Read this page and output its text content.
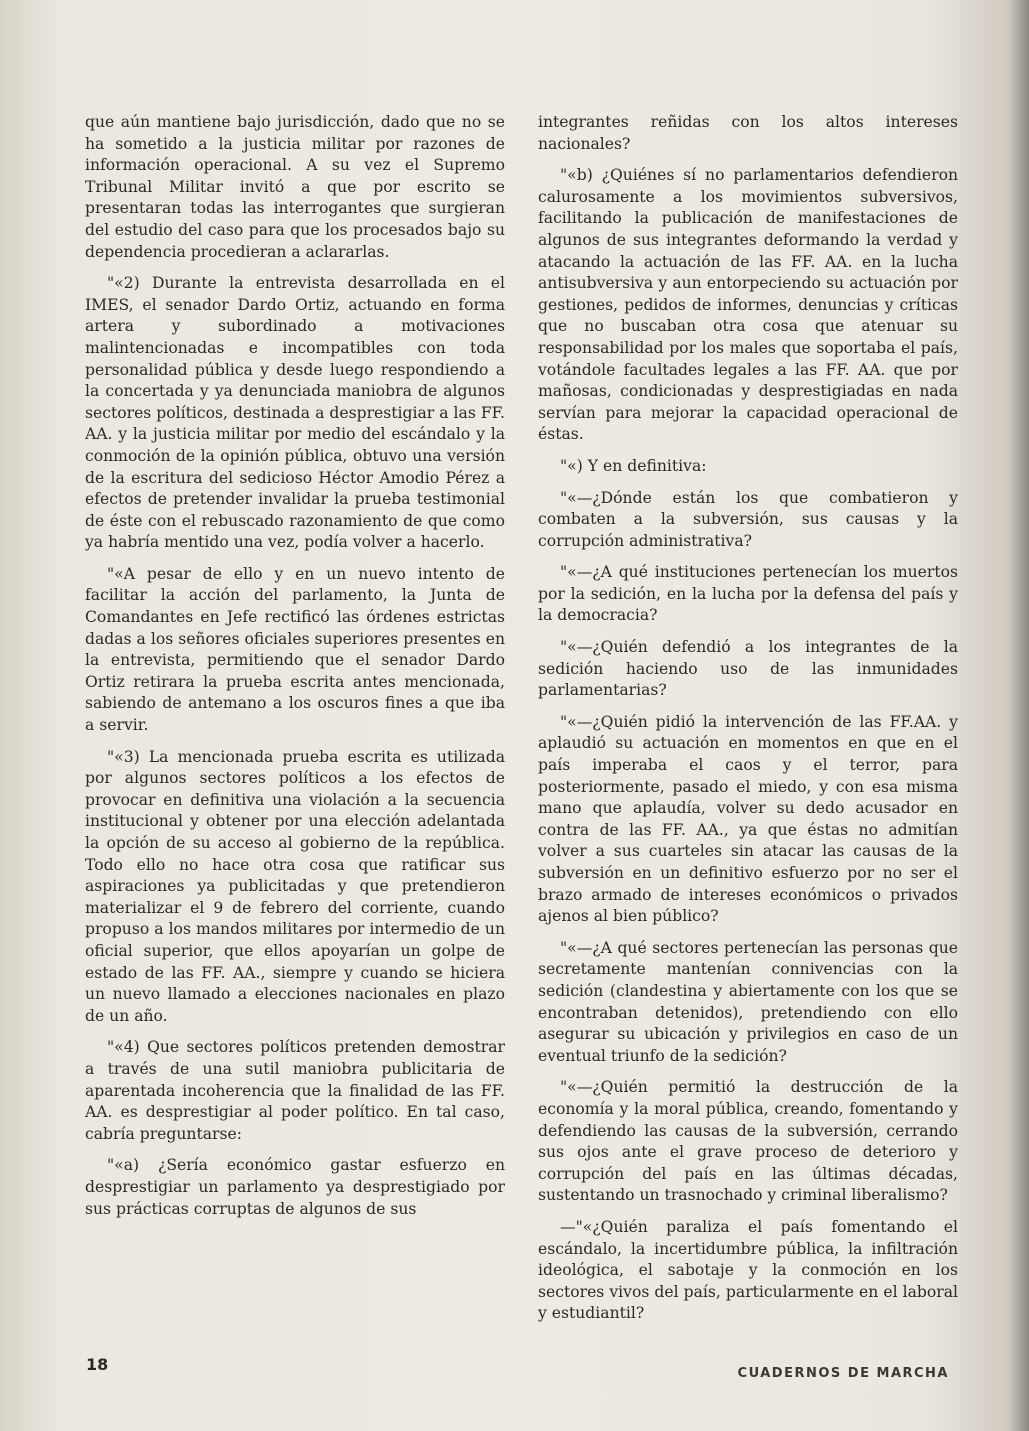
que aún mantiene bajo jurisdicción, dado que no se ha sometido a la justicia militar por razones de información operacional. A su vez el Supremo Tribunal Militar invitó a que por escrito se presentaran todas las interrogantes que surgieran del estudio del caso para que los procesados bajo su dependencia procedieran a aclararlas.

"«2) Durante la entrevista desarrollada en el IMES, el senador Dardo Ortiz, actuando en forma artera y subordinado a motivaciones malintencionadas e incompatibles con toda personalidad pública y desde luego respondiendo a la concertada y ya denunciada maniobra de algunos sectores políticos, destinada a desprestigiar a las FF. AA. y la justicia militar por medio del escándalo y la conmoción de la opinión pública, obtuvo una versión de la escritura del sedicioso Héctor Amodio Pérez a efectos de pretender invalidar la prueba testimonial de éste con el rebuscado razonamiento de que como ya habría mentido una vez, podía volver a hacerlo.

"«A pesar de ello y en un nuevo intento de facilitar la acción del parlamento, la Junta de Comandantes en Jefe rectificó las órdenes estrictas dadas a los señores oficiales superiores presentes en la entrevista, permitiendo que el senador Dardo Ortiz retirara la prueba escrita antes mencionada, sabiendo de antemano a los oscuros fines a que iba a servir.

"«3) La mencionada prueba escrita es utilizada por algunos sectores políticos a los efectos de provocar en definitiva una violación a la secuencia institucional y obtener por una elección adelantada la opción de su acceso al gobierno de la república. Todo ello no hace otra cosa que ratificar sus aspiraciones ya publicitadas y que pretendieron materializar el 9 de febrero del corriente, cuando propuso a los mandos militares por intermedio de un oficial superior, que ellos apoyarían un golpe de estado de las FF. AA., siempre y cuando se hiciera un nuevo llamado a elecciones nacionales en plazo de un año.

"«4) Que sectores políticos pretenden demostrar a través de una sutil maniobra publicitaria de aparentada incoherencia que la finalidad de las FF. AA. es desprestigiar al poder político. En tal caso, cabría preguntarse:

"«a) ¿Sería económico gastar esfuerzo en desprestigiar un parlamento ya desprestigiado por sus prácticas corruptas de algunos de sus

integrantes reñidas con los altos intereses nacionales?

"«b) ¿Quiénes sí no parlamentarios defendieron calurosamente a los movimientos subversivos, facilitando la publicación de manifestaciones de algunos de sus integrantes deformando la verdad y atacando la actuación de las FF. AA. en la lucha antisubversiva y aun entorpeciendo su actuación por gestiones, pedidos de informes, denuncias y críticas que no buscaban otra cosa que atenuar su responsabilidad por los males que soportaba el país, votándole facultades legales a las FF. AA. que por mañosas, condicionadas y desprestigiadas en nada servían para mejorar la capacidad operacional de éstas.

"«) Y en definitiva:

"«—¿Dónde están los que combatieron y combaten a la subversión, sus causas y la corrupción administrativa?

"«—¿A qué instituciones pertenecían los muertos por la sedición, en la lucha por la defensa del país y la democracia?

"«—¿Quién defendió a los integrantes de la sedición haciendo uso de las inmunidades parlamentarias?

"«—¿Quién pidió la intervención de las FF.AA. y aplaudió su actuación en momentos en que en el país imperaba el caos y el terror, para posteriormente, pasado el miedo, y con esa misma mano que aplaudía, volver su dedo acusador en contra de las FF. AA., ya que éstas no admitían volver a sus cuarteles sin atacar las causas de la subversión en un definitivo esfuerzo por no ser el brazo armado de intereses económicos o privados ajenos al bien público?

"«—¿A qué sectores pertenecían las personas que secretamente mantenían connivencias con la sedición (clandestina y abiertamente con los que se encontraban detenidos), pretendiendo con ello asegurar su ubicación y privilegios en caso de un eventual triunfo de la sedición?

"«—¿Quién permitió la destrucción de la economía y la moral pública, creando, fomentando y defendiendo las causas de la subversión, cerrando sus ojos ante el grave proceso de deterioro y corrupción del país en las últimas décadas, sustentando un trasnochado y criminal liberalismo?

—"«¿Quién paraliza el país fomentando el escándalo, la incertidumbre pública, la infiltración ideológica, el sabotaje y la conmoción en los sectores vivos del país, particularmente en el laboral y estudiantil?

18	CUADERNOS DE MARCHA
